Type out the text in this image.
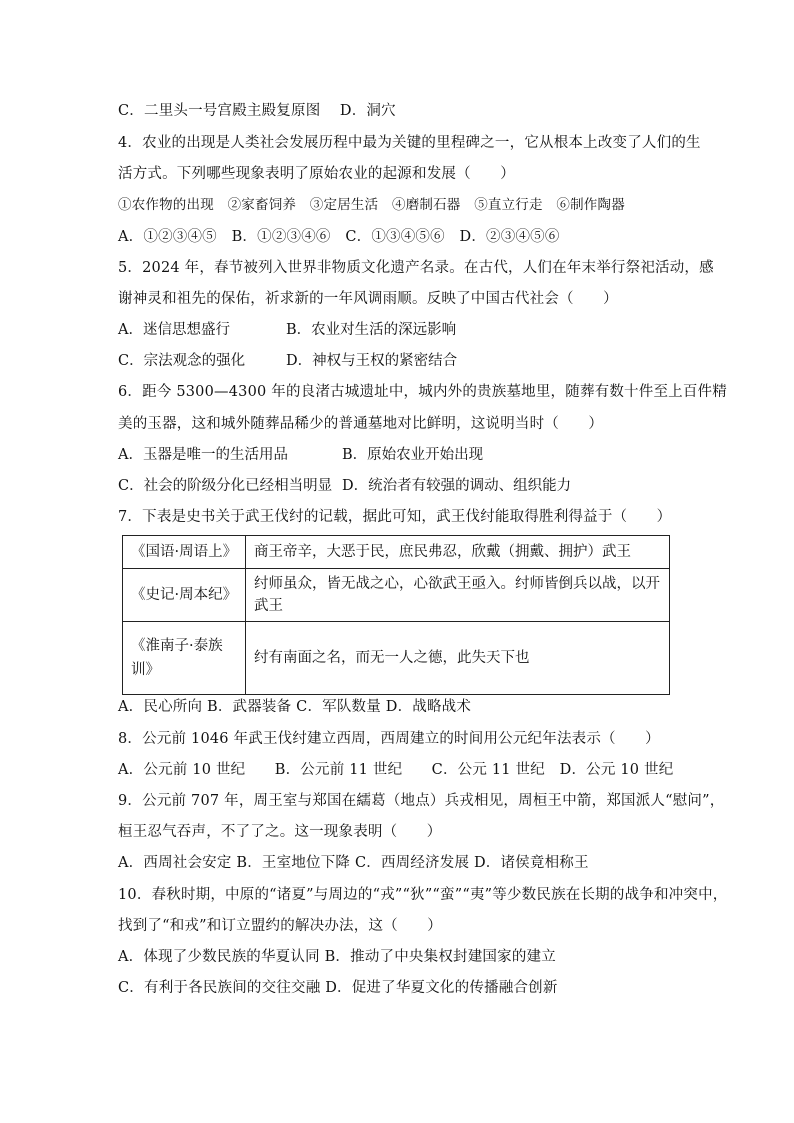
C．二里头一号宫殿主殿复原图　 D．洞穴
4．农业的出现是人类社会发展历程中最为关键的里程碑之一，它从根本上改变了人们的生
活方式。下列哪些现象表明了原始农业的起源和发展（　　）
①农作物的出现　②家畜饲养　③定居生活　④磨制石器　⑤直立行走　⑥制作陶器
A．①②③④⑤　B．①②③④⑥　C．①③④⑤⑥　D．②③④⑤⑥
5．2024 年，春节被列入世界非物质文化遗产名录。在古代，人们在年末举行祭祀活动，感
谢神灵和祖先的保佑，祈求新的一年风调雨顺。反映了中国古代社会（　　）
A．迷信思想盛行	B．农业对生活的深远影响
C．宗法观念的强化	D．神权与王权的紧密结合
6．距今 5300—4300 年的良渚古城遗址中，城内外的贵族墓地里，随葬有数十件至上百件精
美的玉器，这和城外随葬品稀少的普通墓地对比鲜明，这说明当时（　　）
A．玉器是唯一的生活用品	B．原始农业开始出现
C．社会的阶级分化已经相当明显 D．统治者有较强的调动、组织能力
7．下表是史书关于武王伐纣的记载，据此可知，武王伐纣能取得胜利得益于（　　）
《国语·周语上》	商王帝辛，大恶于民，庶民弗忍，欣戴（拥戴、拥护）武王
《史记·周本纪》	纣师虽众，皆无战之心，心欲武王亟入。纣师皆倒兵以战，以开武王
《淮南子·泰族训》	纣有南面之名，而无一人之德，此失天下也
A．民心所向 B．武器装备 C．军队数量 D．战略战术
8．公元前 1046 年武王伐纣建立西周，西周建立的时间用公元纪年法表示（　　）
A．公元前 10 世纪　　B．公元前 11 世纪　　C．公元 11 世纪　D．公元 10 世纪
9．公元前 707 年，周王室与郑国在繻葛（地点）兵戎相见，周桓王中箭，郑国派人“慰问”，
桓王忍气吞声，不了了之。这一现象表明（　　）
A．西周社会安定 B．王室地位下降 C．西周经济发展 D．诸侯竟相称王
10．春秋时期，中原的“诸夏”与周边的“戎”“狄”“蛮”“夷”等少数民族在长期的战争和冲突中，
找到了“和戎”和订立盟约的解决办法，这（　　）
A．体现了少数民族的华夏认同 B．推动了中央集权封建国家的建立
C．有利于各民族间的交往交融 D．促进了华夏文化的传播融合创新
